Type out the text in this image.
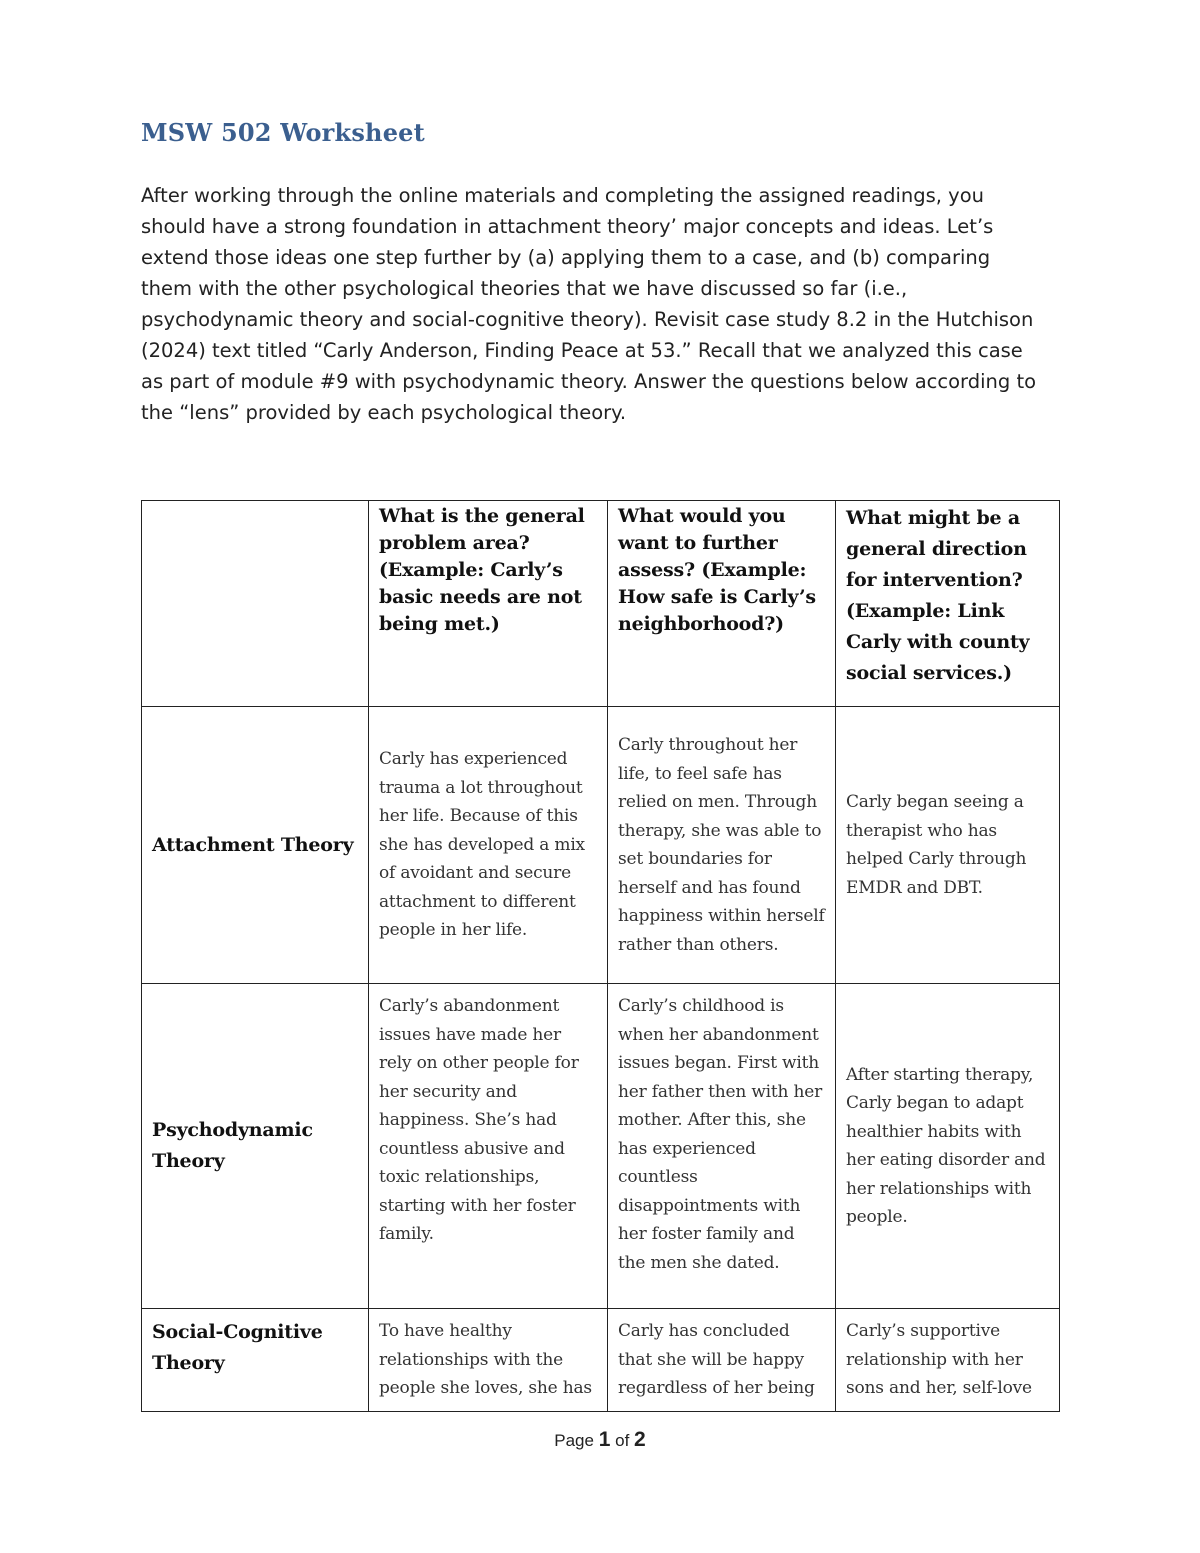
MSW 502 Worksheet

After working through the online materials and completing the assigned readings, you should have a strong foundation in attachment theory’ major concepts and ideas. Let’s extend those ideas one step further by (a) applying them to a case, and (b) comparing them with the other psychological theories that we have discussed so far (i.e., psychodynamic theory and social-cognitive theory). Revisit case study 8.2 in the Hutchison (2024) text titled “Carly Anderson, Finding Peace at 53.” Recall that we analyzed this case as part of module #9 with psychodynamic theory. Answer the questions below according to the “lens” provided by each psychological theory.

	What is the general problem area? (Example: Carly’s basic needs are not being met.)	What would you want to further assess? (Example: How safe is Carly’s neighborhood?)	What might be a general direction for intervention? (Example: Link Carly with county social services.)
Attachment Theory	Carly has experienced trauma a lot throughout her life. Because of this she has developed a mix of avoidant and secure attachment to different people in her life.	Carly throughout her life, to feel safe has relied on men. Through therapy, she was able to set boundaries for herself and has found happiness within herself rather than others.	Carly began seeing a therapist who has helped Carly through EMDR and DBT.
Psychodynamic Theory	Carly’s abandonment issues have made her rely on other people for her security and happiness. She’s had countless abusive and toxic relationships, starting with her foster family.	Carly’s childhood is when her abandonment issues began. First with her father then with her mother. After this, she has experienced countless disappointments with her foster family and the men she dated.	After starting therapy, Carly began to adapt healthier habits with her eating disorder and her relationships with people.
Social-Cognitive Theory	To have healthy relationships with the people she loves, she has	Carly has concluded that she will be happy regardless of her being	Carly’s supportive relationship with her sons and her, self-love
Page 1 of 2
